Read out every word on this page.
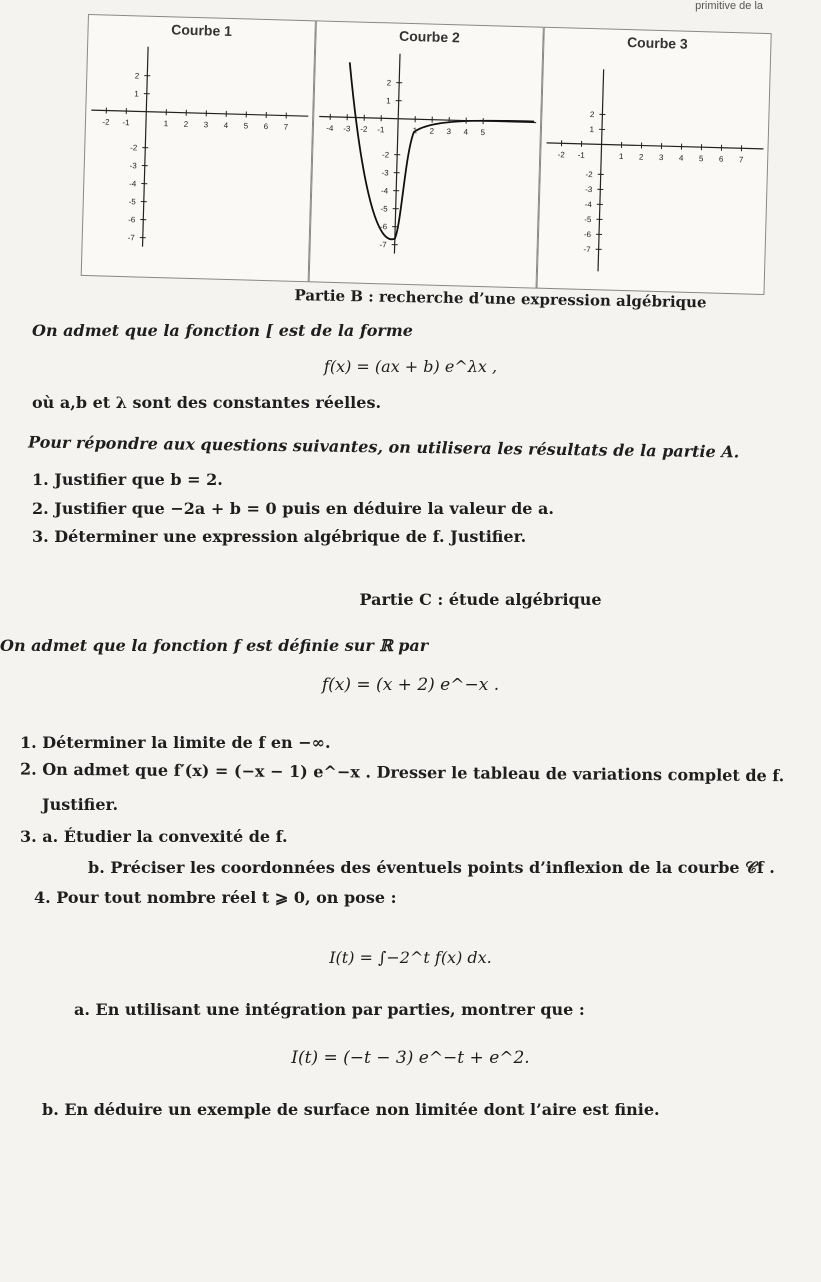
primitive de la
Courbe 1
-2 -1	1 2 3 4 5 6 7
2
1
-2
-3
-4
-5
-6
-7
Courbe 2
-4 -3 -2 -1	1 2 3 4 5
2
1
-2
-3
-4
-5
-6
-7
Courbe 3
-2 -1	1 2 3 4 5 6 7
2
1
-2
-3
-4
-5
-6
-7
Partie B : recherche d’une expression algébrique
On admet que la fonction [ est de la forme
f(x) = (ax + b) e^λx ,
où a,b et λ sont des constantes réelles.
Pour répondre aux questions suivantes, on utilisera les résultats de la partie A.
1. Justifier que b = 2.
2. Justifier que −2a + b = 0 puis en déduire la valeur de a.
3. Déterminer une expression algébrique de f. Justifier.
Partie C : étude algébrique
On admet que la fonction f est définie sur ℝ par
f(x) = (x + 2) e^−x .
1. Déterminer la limite de f en −∞.
2. On admet que f′(x) = (−x − 1) e^−x . Dresser le tableau de variations complet de f.
Justifier.
3. a. Étudier la convexité de f.
b. Préciser les coordonnées des éventuels points d’inflexion de la courbe 𝒞f .
4. Pour tout nombre réel t ⩾ 0, on pose :
I(t) = ∫−2^t f(x) dx.
a. En utilisant une intégration par parties, montrer que :
I(t) = (−t − 3) e^−t + e^2.
b. En déduire un exemple de surface non limitée dont l’aire est finie.
